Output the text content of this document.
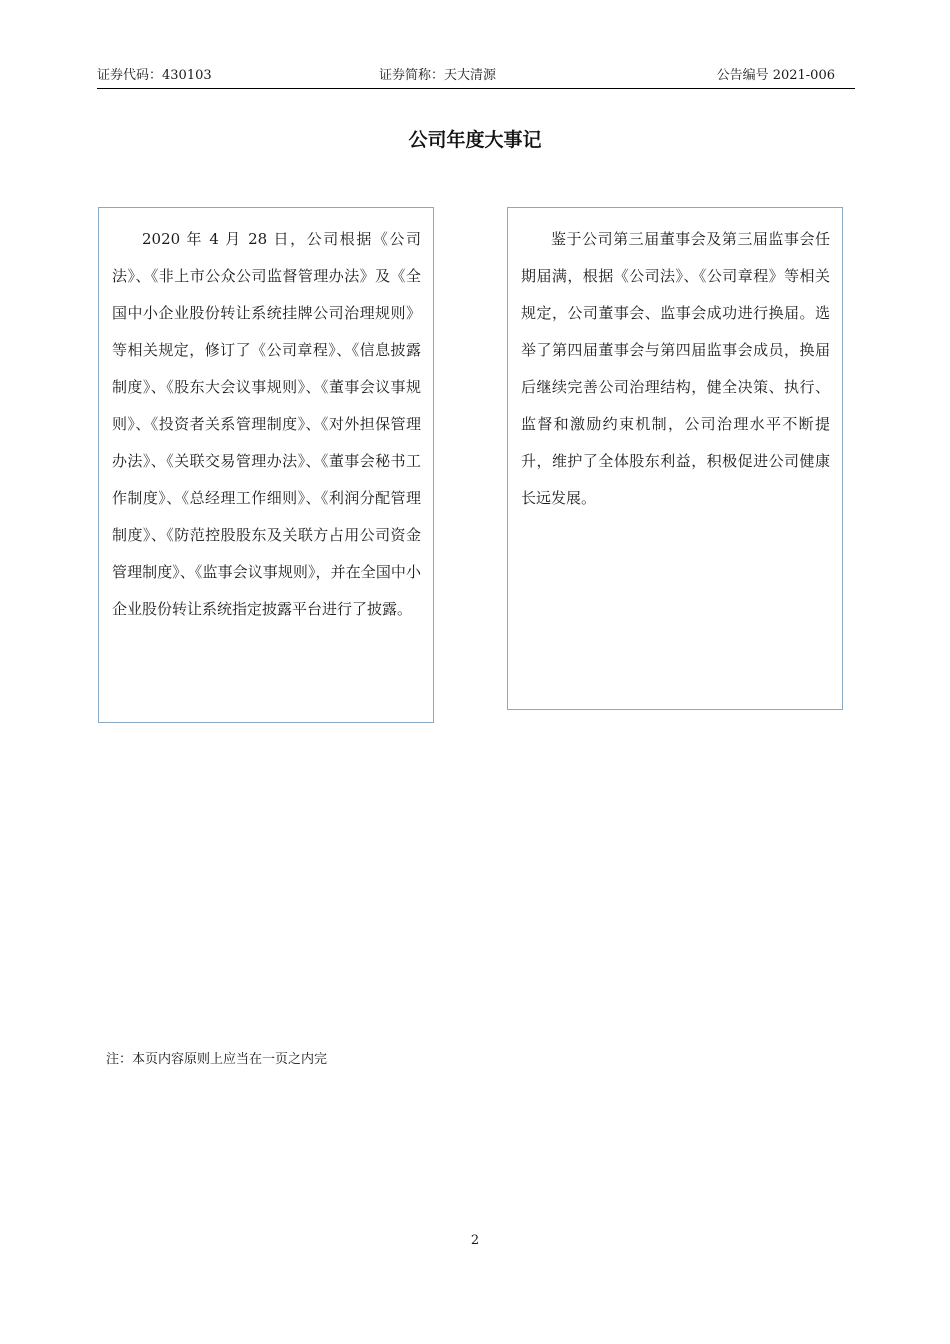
证券代码：430103	证券简称：天大清源	公告编号 2021-006
公司年度大事记

2020 年 4 月 28 日，公司根据《公司法》、《非上市公众公司监督管理办法》及《全国中小企业股份转让系统挂牌公司治理规则》等相关规定，修订了《公司章程》、《信息披露制度》、《股东大会议事规则》、《董事会议事规则》、《投资者关系管理制度》、《对外担保管理办法》、《关联交易管理办法》、《董事会秘书工作制度》、《总经理工作细则》、《利润分配管理制度》、《防范控股股东及关联方占用公司资金管理制度》、《监事会议事规则》，并在全国中小企业股份转让系统指定披露平台进行了披露。

鉴于公司第三届董事会及第三届监事会任期届满，根据《公司法》、《公司章程》等相关规定，公司董事会、监事会成功进行换届。选举了第四届董事会与第四届监事会成员，换届后继续完善公司治理结构，健全决策、执行、监督和激励约束机制，公司治理水平不断提升，维护了全体股东利益，积极促进公司健康长远发展。

注：本页内容原则上应当在一页之内完
2
